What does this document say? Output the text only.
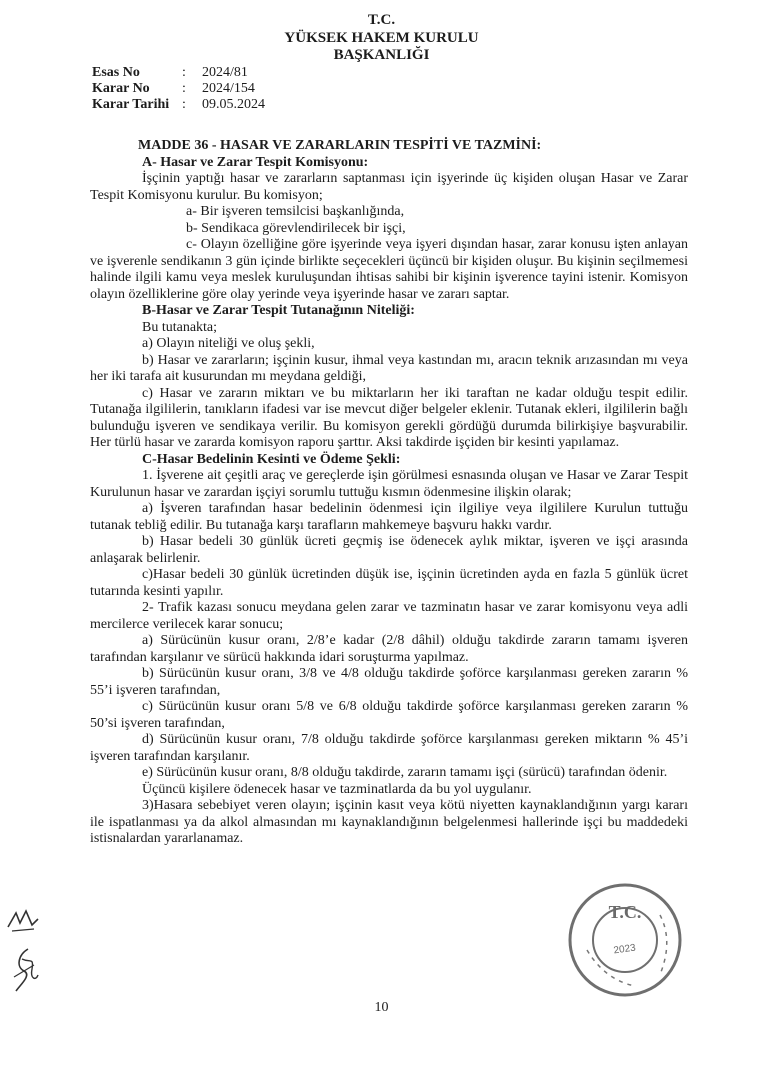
T.C.
YÜKSEK HAKEM KURULU
BAŞKANLIĞI
Esas No	:	2024/81
Karar No	:	2024/154
Karar Tarihi :	09.05.2024

MADDE 36 - HASAR VE ZARARLARIN TESPİTİ VE TAZMİNİ:

A- Hasar ve Zarar Tespit Komisyonu:

İşçinin yaptığı hasar ve zararların saptanması için işyerinde üç kişiden oluşan Hasar ve Zarar Tespit Komisyonu kurulur. Bu komisyon;

a- Bir işveren temsilcisi başkanlığında,

b- Sendikaca görevlendirilecek bir işçi,

c- Olayın özelliğine göre işyerinde veya işyeri dışından hasar, zarar konusu işten anlayan ve işverenle sendikanın 3 gün içinde birlikte seçecekleri üçüncü bir kişiden oluşur. Bu kişinin seçilmemesi halinde ilgili kamu veya meslek kuruluşundan ihtisas sahibi bir kişinin işverence tayini istenir. Komisyon olayın özelliklerine göre olay yerinde veya işyerinde hasar ve zararı saptar.

B-Hasar ve Zarar Tespit Tutanağının Niteliği:

Bu tutanakta;

a) Olayın niteliği ve oluş şekli,

b) Hasar ve zararların; işçinin kusur, ihmal veya kastından mı, aracın teknik arızasından mı veya her iki tarafa ait kusurundan mı meydana geldiği,

c) Hasar ve zararın miktarı ve bu miktarların her iki taraftan ne kadar olduğu tespit edilir. Tutanağa ilgililerin, tanıkların ifadesi var ise mevcut diğer belgeler eklenir. Tutanak ekleri, ilgililerin bağlı bulunduğu işveren ve sendikaya verilir. Bu komisyon gerekli gördüğü durumda bilirkişiye başvurabilir. Her türlü hasar ve zararda komisyon raporu şarttır. Aksi takdirde işçiden bir kesinti yapılamaz.

C-Hasar Bedelinin Kesinti ve Ödeme Şekli:

1. İşverene ait çeşitli araç ve gereçlerde işin görülmesi esnasında oluşan ve Hasar ve Zarar Tespit Kurulunun hasar ve zarardan işçiyi sorumlu tuttuğu kısmın ödenmesine ilişkin olarak;

a) İşveren tarafından hasar bedelinin ödenmesi için ilgiliye veya ilgililere Kurulun tuttuğu tutanak tebliğ edilir. Bu tutanağa karşı tarafların mahkemeye başvuru hakkı vardır.

b) Hasar bedeli 30 günlük ücreti geçmiş ise ödenecek aylık miktar, işveren ve işçi arasında anlaşarak belirlenir.

c)Hasar bedeli 30 günlük ücretinden düşük ise, işçinin ücretinden ayda en fazla 5 günlük ücret tutarında kesinti yapılır.

2- Trafik kazası sonucu meydana gelen zarar ve tazminatın hasar ve zarar komisyonu veya adli mercilerce verilecek karar sonucu;

a) Sürücünün kusur oranı, 2/8’e kadar (2/8 dâhil) olduğu takdirde zararın tamamı işveren tarafından karşılanır ve sürücü hakkında idari soruşturma yapılmaz.

b) Sürücünün kusur oranı, 3/8 ve 4/8 olduğu takdirde şoförce karşılanması gereken zararın % 55’i işveren tarafından,

c) Sürücünün kusur oranı 5/8 ve 6/8 olduğu takdirde şoförce karşılanması gereken zararın % 50’si işveren tarafından,

d) Sürücünün kusur oranı, 7/8 olduğu takdirde şoförce karşılanması gereken miktarın % 45’i işveren tarafından karşılanır.

e) Sürücünün kusur oranı, 8/8 olduğu takdirde, zararın tamamı işçi (sürücü) tarafından ödenir.

Üçüncü kişilere ödenecek hasar ve tazminatlarda da bu yol uygulanır.

3)Hasara sebebiyet veren olayın; işçinin kasıt veya kötü niyetten kaynaklandığının yargı kararı ile ispatlanması ya da alkol almasından mı kaynaklandığının belgelenmesi hallerinde işçi bu maddedeki istisnalardan yararlanamaz.

T.C.
2023
10
